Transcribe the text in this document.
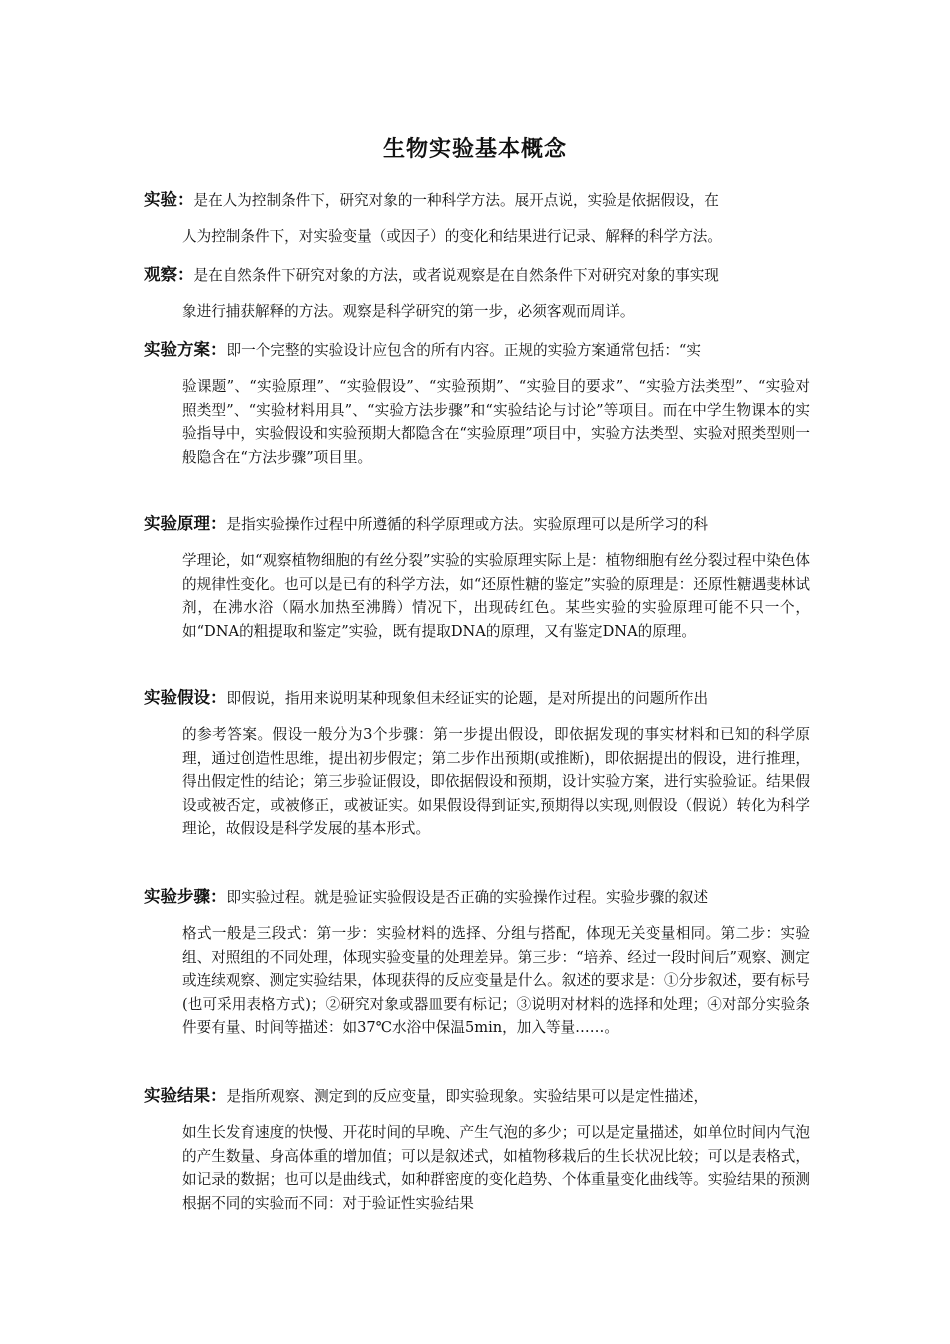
生物实验基本概念
实验：是在人为控制条件下，研究对象的一种科学方法。展开点说，实验是依据假设，在
人为控制条件下，对实验变量（或因子）的变化和结果进行记录、解释的科学方法。
观察：是在自然条件下研究对象的方法，或者说观察是在自然条件下对研究对象的事实现
象进行捕获解释的方法。观察是科学研究的第一步，必须客观而周详。
实验方案：即一个完整的实验设计应包含的所有内容。正规的实验方案通常包括：“实
验课题”、“实验原理”、“实验假设”、“实验预期”、“实验目的要求”、“实验方法类型”、“实验对照类型”、“实验材料用具”、“实验方法步骤”和“实验结论与讨论”等项目。而在中学生物课本的实验指导中，实验假设和实验预期大都隐含在“实验原理”项目中，实验方法类型、实验对照类型则一般隐含在“方法步骤”项目里。
实验原理：是指实验操作过程中所遵循的科学原理或方法。实验原理可以是所学习的科
学理论，如“观察植物细胞的有丝分裂”实验的实验原理实际上是：植物细胞有丝分裂过程中染色体的规律性变化。也可以是已有的科学方法，如“还原性糖的鉴定”实验的原理是：还原性糖遇斐林试剂，在沸水浴（隔水加热至沸腾）情况下，出现砖红色。某些实验的实验原理可能不只一个，如“DNA的粗提取和鉴定”实验，既有提取DNA的原理，又有鉴定DNA的原理。
实验假设：即假说，指用来说明某种现象但未经证实的论题，是对所提出的问题所作出
的参考答案。假设一般分为3个步骤：第一步提出假设，即依据发现的事实材料和已知的科学原理，通过创造性思维，提出初步假定；第二步作出预期(或推断)，即依据提出的假设，进行推理，得出假定性的结论；第三步验证假设，即依据假设和预期，设计实验方案，进行实验验证。结果假设或被否定，或被修正，或被证实。如果假设得到证实,预期得以实现,则假设（假说）转化为科学理论，故假设是科学发展的基本形式。
实验步骤：即实验过程。就是验证实验假设是否正确的实验操作过程。实验步骤的叙述
格式一般是三段式：第一步：实验材料的选择、分组与搭配，体现无关变量相同。第二步：实验组、对照组的不同处理，体现实验变量的处理差异。第三步：“培养、经过一段时间后”观察、测定或连续观察、测定实验结果，体现获得的反应变量是什么。叙述的要求是：①分步叙述，要有标号(也可采用表格方式)；②研究对象或器皿要有标记；③说明对材料的选择和处理；④对部分实验条件要有量、时间等描述：如37℃水浴中保温5min，加入等量……。
实验结果：是指所观察、测定到的反应变量，即实验现象。实验结果可以是定性描述，
如生长发育速度的快慢、开花时间的早晚、产生气泡的多少；可以是定量描述，如单位时间内气泡的产生数量、身高体重的增加值；可以是叙述式，如植物移栽后的生长状况比较；可以是表格式，如记录的数据；也可以是曲线式，如种群密度的变化趋势、个体重量变化曲线等。实验结果的预测根据不同的实验而不同：对于验证性实验结果
